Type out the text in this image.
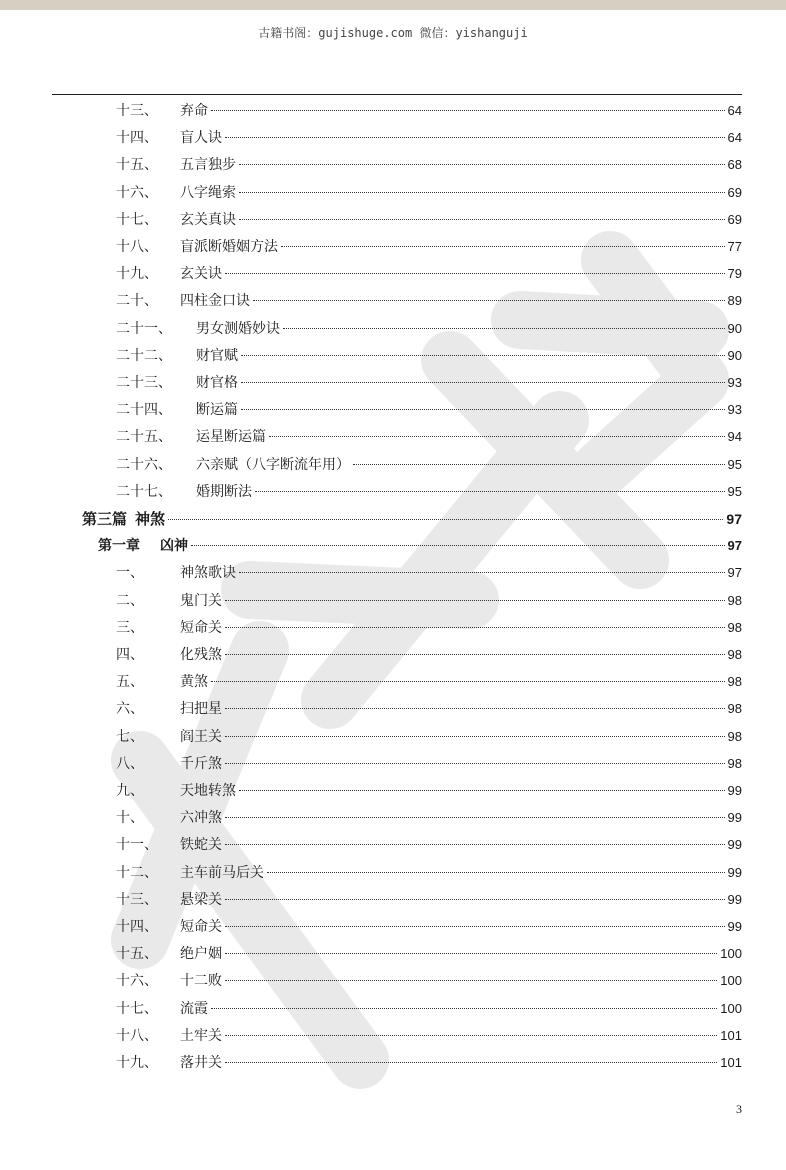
古籍书阁：gujishuge.com 微信：yishanguji
十三、	弃命	64
十四、	盲人诀	64
十五、	五言独步	68
十六、	八字绳索	69
十七、	玄关真诀	69
十八、	盲派断婚姻方法	77
十九、	玄关诀	79
二十、	四柱金口诀	89
二十一、	男女测婚妙诀	90
二十二、	财官赋	90
二十三、	财官格	93
二十四、	断运篇	93
二十五、	运星断运篇	94
二十六、	六亲赋（八字断流年用）	95
二十七、	婚期断法	95
第三篇 神煞	97
第一章 凶神	97
一、	神煞歌诀	97
二、	鬼门关	98
三、	短命关	98
四、	化残煞	98
五、	黄煞	98
六、	扫把星	98
七、	阎王关	98
八、	千斤煞	98
九、	天地转煞	99
十、	六冲煞	99
十一、	铁蛇关	99
十二、	主车前马后关	99
十三、	悬梁关	99
十四、	短命关	99
十五、	绝户姻	100
十六、	十二败	100
十七、	流霞	100
十八、	土牢关	101
十九、	落井关	101
3
